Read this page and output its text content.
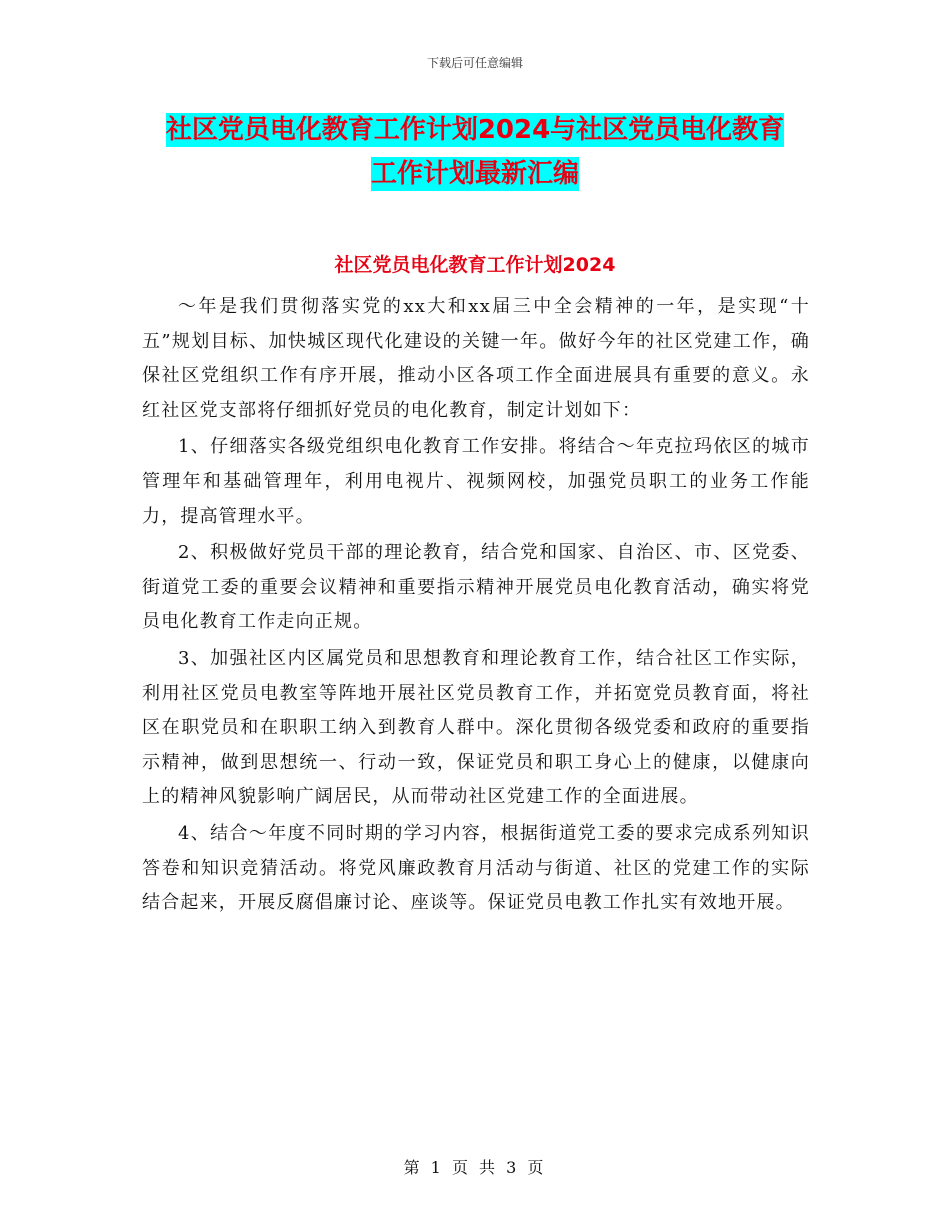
下载后可任意编辑
社区党员电化教育工作计划2024与社区党员电化教育
工作计划最新汇编
社区党员电化教育工作计划2024

～年是我们贯彻落实党的xx大和xx届三中全会精神的一年，是实现“十五”规划目标、加快城区现代化建设的关键一年。做好今年的社区党建工作，确保社区党组织工作有序开展，推动小区各项工作全面进展具有重要的意义。永红社区党支部将仔细抓好党员的电化教育，制定计划如下：

1、仔细落实各级党组织电化教育工作安排。将结合～年克拉玛依区的城市管理年和基础管理年，利用电视片、视频网校，加强党员职工的业务工作能力，提高管理水平。

2、积极做好党员干部的理论教育，结合党和国家、自治区、市、区党委、街道党工委的重要会议精神和重要指示精神开展党员电化教育活动，确实将党员电化教育工作走向正规。

3、加强社区内区属党员和思想教育和理论教育工作，结合社区工作实际，利用社区党员电教室等阵地开展社区党员教育工作，并拓宽党员教育面，将社区在职党员和在职职工纳入到教育人群中。深化贯彻各级党委和政府的重要指示精神，做到思想统一、行动一致，保证党员和职工身心上的健康，以健康向上的精神风貌影响广阔居民，从而带动社区党建工作的全面进展。

4、结合～年度不同时期的学习内容，根据街道党工委的要求完成系列知识答卷和知识竞猜活动。将党风廉政教育月活动与街道、社区的党建工作的实际结合起来，开展反腐倡廉讨论、座谈等。保证党员电教工作扎实有效地开展。

第 1 页 共 3 页
